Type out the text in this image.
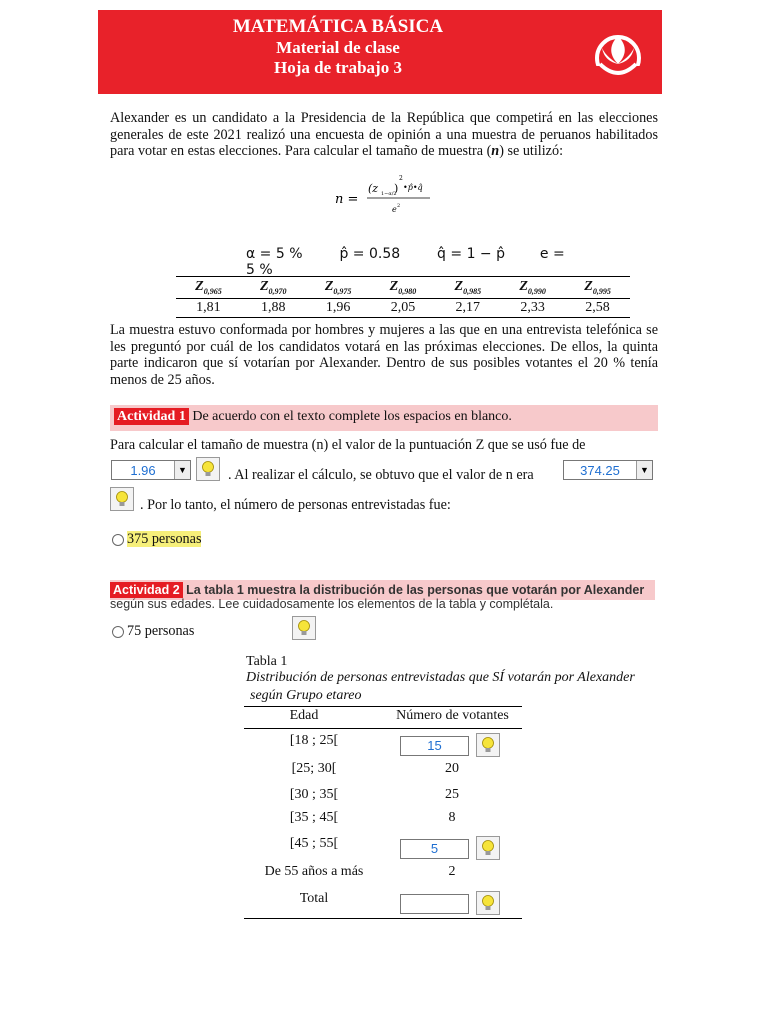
MATEMÁTICA BÁSICA
Material de clase
Hoja de trabajo 3
Alexander es un candidato a la Presidencia de la República que competirá en las elecciones generales de este 2021 realizó una encuesta de opinión a una muestra de peruanos habilitados para votar en estas elecciones. Para calcular el tamaño de muestra (n) se utilizó:
n =
(z 1−α/2
)
2
•p̂•q̂
e 2
α = 5 %	p̂ = 0.58	q̂ = 1 − p̂ e = 5 %
$Z_{0,965}$	$Z_{0,970}$	$Z_{0,975}$	$Z_{0,980}$	$Z_{0,985}$	$Z_{0,990}$	$Z_{0,995}$
1,81	1,88	1,96	2,05	2,17	2,33	2,58
La muestra estuvo conformada por hombres y mujeres a las que en una entrevista telefónica se les preguntó por cuál de los candidatos votará en las próximas elecciones. De ellos, la quinta parte indicaron que sí votarían por Alexander. Dentro de sus posibles votantes el 20 % tenía menos de 25 años.
Actividad 1 De acuerdo con el texto complete los espacios en blanco.
Para calcular el tamaño de muestra (n) el valor de la puntuación Z que se usó fue de
1.96	▼	. Al realizar el cálculo, se obtuvo que el valor de n era	374.25	▼
. Por lo tanto, el número de personas entrevistadas fue:
375 personas
Actividad 2 La tabla 1 muestra la distribución de las personas que votarán por Alexander
según sus edades. Lee cuidadosamente los elementos de la tabla y complétala.
75 personas
Tabla 1
Distribución de personas entrevistadas que SÍ votarán por Alexander
según Grupo etareo
Edad	Número de votantes
[18 ; 25[	15
[25; 30[	20
[30 ; 35[	25
[35 ; 45[	8
[45 ; 55[	5
De 55 años a más	2
Total
